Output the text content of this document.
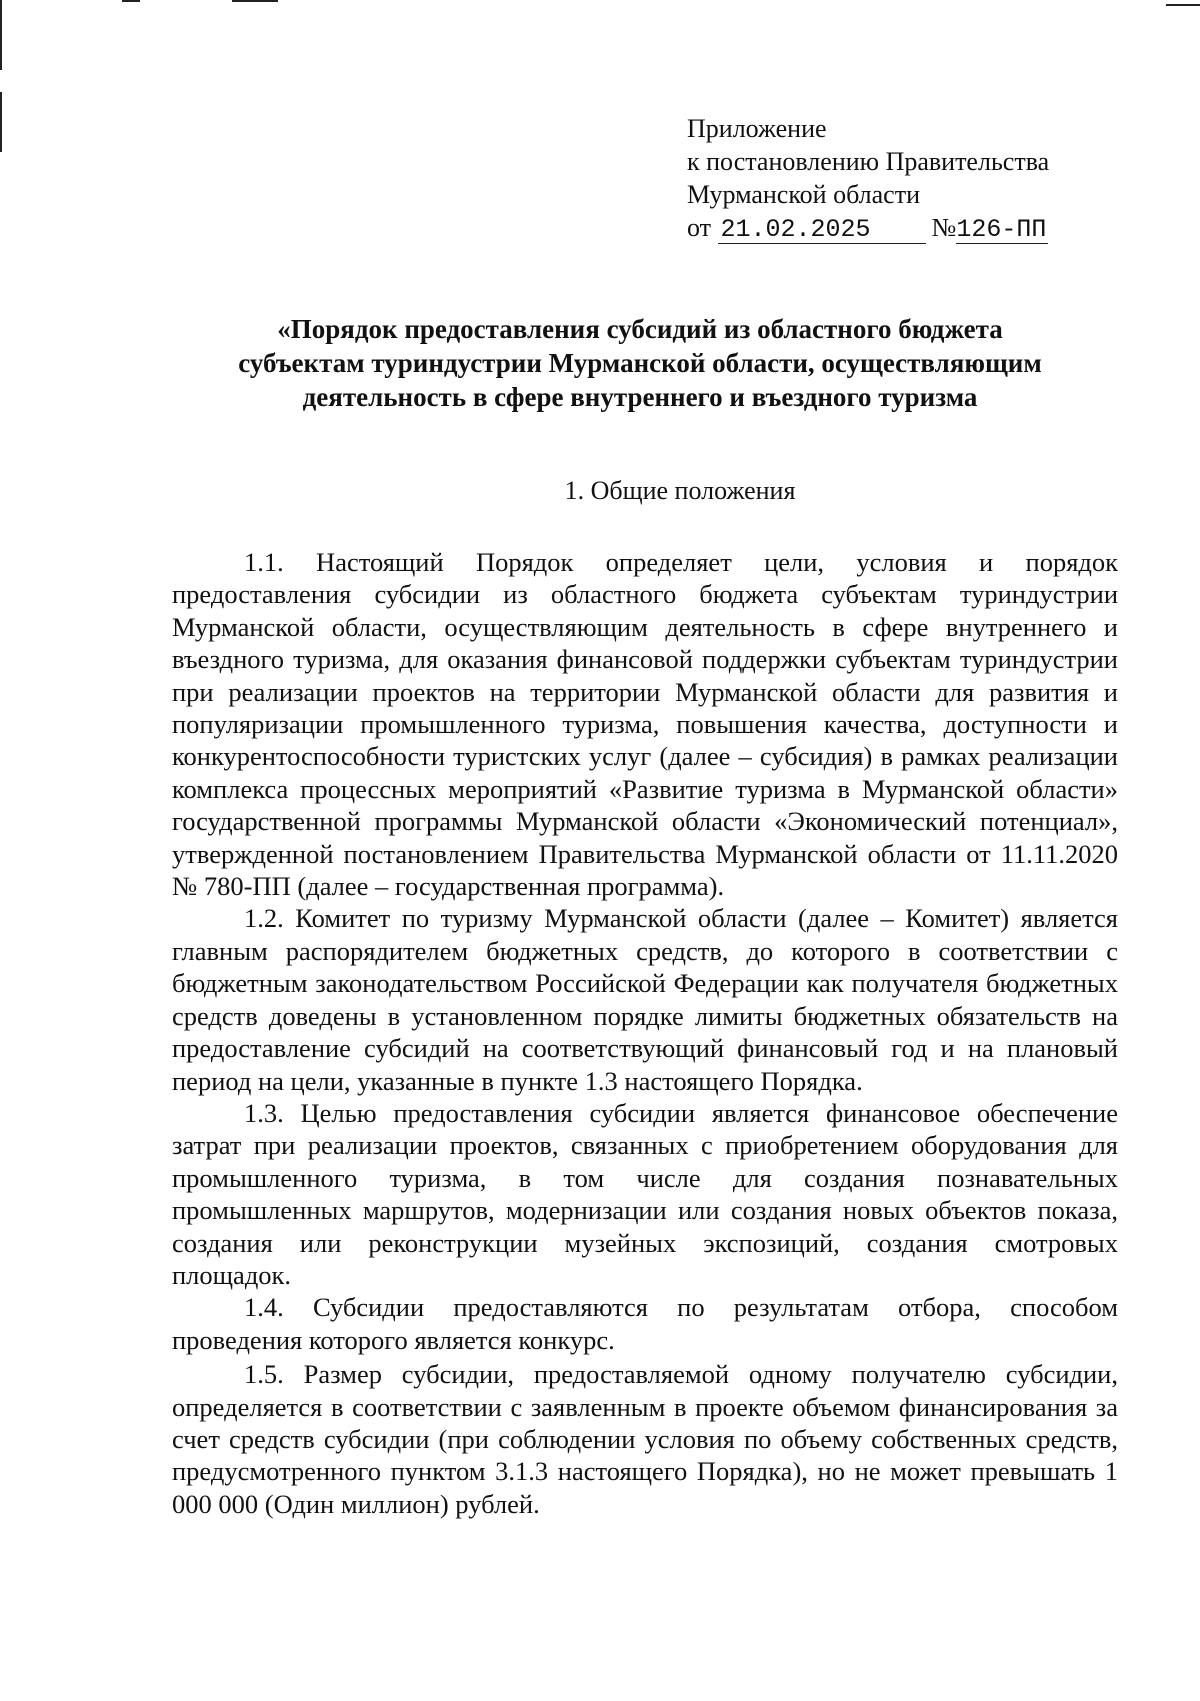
Приложение
к постановлению Правительства
Мурманской области
от 21.02.2025 №126-ПП
«Порядок предоставления субсидий из областного бюджета
субъектам туриндустрии Мурманской области, осуществляющим
деятельность в сфере внутреннего и въездного туризма
1. Общие положения

1.1. Настоящий Порядок определяет цели, условия и порядок предоставления субсидии из областного бюджета субъектам туриндустрии Мурманской области, осуществляющим деятельность в сфере внутреннего и въездного туризма, для оказания финансовой поддержки субъектам туриндустрии при реализации проектов на территории Мурманской области для развития и популяризации промышленного туризма, повышения качества, доступности и конкурентоспособности туристских услуг (далее – субсидия) в рамках реализации комплекса процессных мероприятий «Развитие туризма в Мурманской области» государственной программы Мурманской области «Экономический потенциал», утвержденной постановлением Правительства Мурманской области от 11.11.2020 № 780-ПП (далее – государственная программа).

1.2. Комитет по туризму Мурманской области (далее – Комитет) является главным распорядителем бюджетных средств, до которого в соответствии с бюджетным законодательством Российской Федерации как получателя бюджетных средств доведены в установленном порядке лимиты бюджетных обязательств на предоставление субсидий на соответствующий финансовый год и на плановый период на цели, указанные в пункте 1.3 настоящего Порядка.

1.3. Целью предоставления субсидии является финансовое обеспечение затрат при реализации проектов, связанных с приобретением оборудования для промышленного туризма, в том числе для создания познавательных промышленных маршрутов, модернизации или создания новых объектов показа, создания или реконструкции музейных экспозиций, создания смотровых площадок.

1.4. Субсидии предоставляются по результатам отбора, способом проведения которого является конкурс.

1.5. Размер субсидии, предоставляемой одному получателю субсидии, определяется в соответствии с заявленным в проекте объемом финансирования за счет средств субсидии (при соблюдении условия по объему собственных средств, предусмотренного пунктом 3.1.3 настоящего Порядка), но не может превышать 1 000 000 (Один миллион) рублей.
